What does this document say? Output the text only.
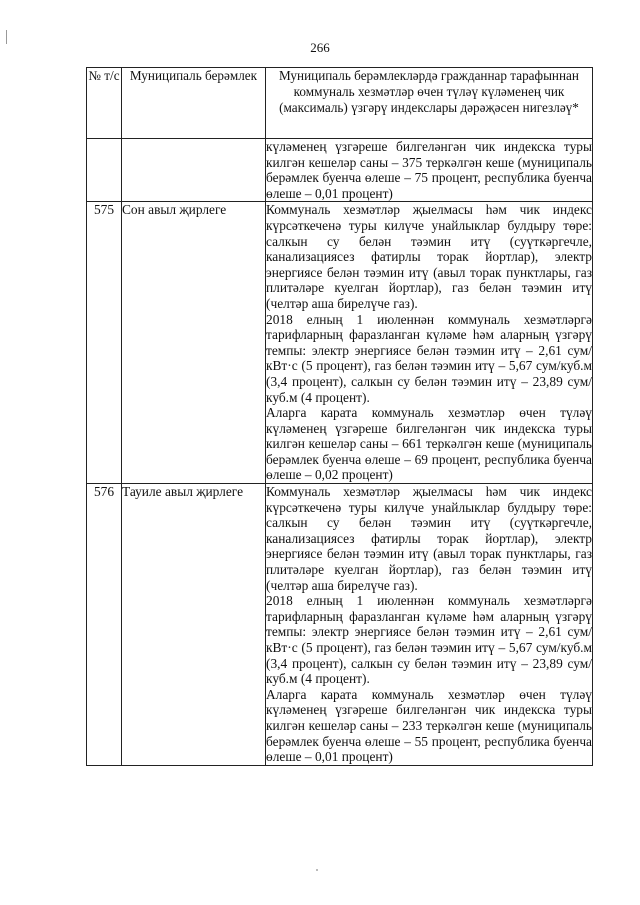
266
№ т/с	Муниципаль берәмлек	Муниципаль берәмлекләрдә гражданнар тарафыннан коммуналь хезмәтләр өчен түләү күләменең чик (максималь) үзгәрү индекслары дәрәҗәсен нигезләү*

		күләменең үзгәреше билгеләнгән чик индекска туры килгән кешеләр саны – 375 теркәлгән кеше (муниципаль берәмлек буенча өлеше – 75 процент, республика буенча өлеше – 0,01 процент)

575	Сон авыл җирлеге	Коммуналь хезмәтләр җыелмасы һәм чик индекс күрсәткеченә туры килүче унайлыклар булдыру төре: салкын су белән тәэмин итү (суүткәргечле, канализациясез фатирлы торак йортлар), электр энергиясе белән тәэмин итү (авыл торак пунктлары, газ плитәләре куелган йортлар), газ белән тәэмин итү (челтәр аша бирелүче газ).

2018 елның 1 июленнән коммуналь хезмәтләргә тарифларның фаразланган күләме һәм аларның үзгәрү темпы: электр энергиясе белән тәэмин итү – 2,61 сум/кВт·с (5 процент), газ белән тәэмин итү – 5,67 сум/куб.м (3,4 процент), салкын су белән тәэмин итү – 23,89 сум/куб.м (4 процент).

Аларга карата коммуналь хезмәтләр өчен түләү күләменең үзгәреше билгеләнгән чик индекска туры килгән кешеләр саны – 661 теркәлгән кеше (муниципаль берәмлек буенча өлеше – 69 процент, республика буенча өлеше – 0,02 процент)

576	Тауиле авыл җирлеге	Коммуналь хезмәтләр җыелмасы һәм чик индекс күрсәткеченә туры килүче унайлыклар булдыру төре: салкын су белән тәэмин итү (суүткәргечле, канализациясез фатирлы торак йортлар), электр энергиясе белән тәэмин итү (авыл торак пунктлары, газ плитәләре куелган йортлар), газ белән тәэмин итү (челтәр аша бирелүче газ).

2018 елның 1 июленнән коммуналь хезмәтләргә тарифларның фаразланган күләме һәм аларның үзгәрү темпы: электр энергиясе белән тәэмин итү – 2,61 сум/кВт·с (5 процент), газ белән тәэмин итү – 5,67 сум/куб.м (3,4 процент), салкын су белән тәэмин итү – 23,89 сум/куб.м (4 процент).

Аларга карата коммуналь хезмәтләр өчен түләү күләменең үзгәреше билгеләнгән чик индекска туры килгән кешеләр саны – 233 теркәлгән кеше (муниципаль берәмлек буенча өлеше – 55 процент, республика буенча өлеше – 0,01 процент)
